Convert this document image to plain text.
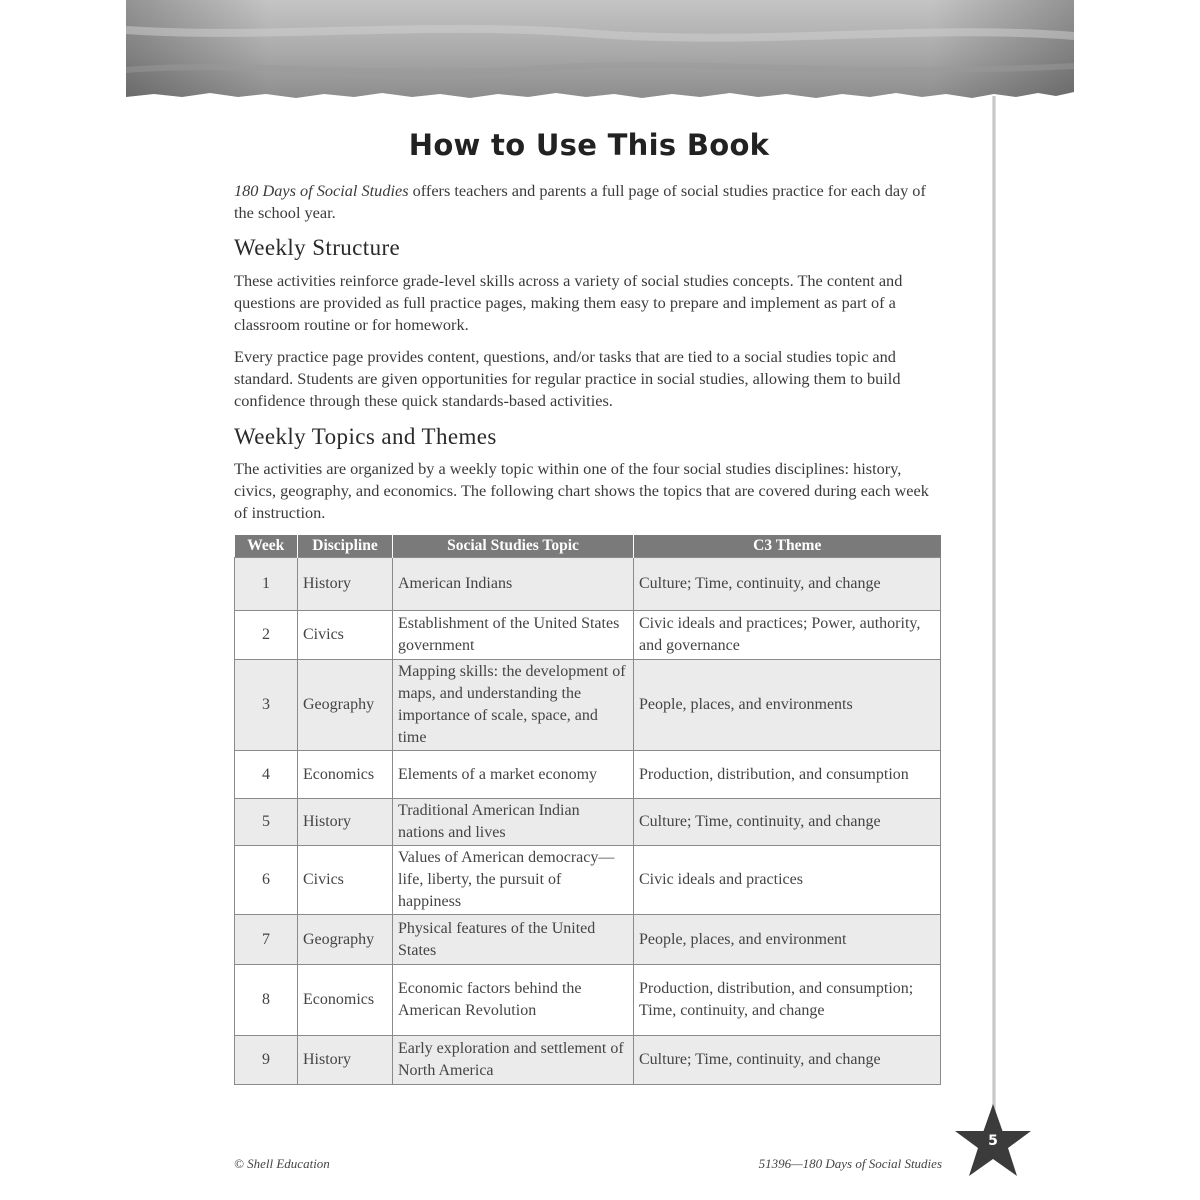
How to Use This Book

180 Days of Social Studies offers teachers and parents a full page of social studies practice for each day of the school year.

Weekly Structure

These activities reinforce grade-level skills across a variety of social studies concepts. The content and questions are provided as full practice pages, making them easy to prepare and implement as part of a classroom routine or for homework.

Every practice page provides content, questions, and/or tasks that are tied to a social studies topic and standard. Students are given opportunities for regular practice in social studies, allowing them to build confidence through these quick standards-based activities.

Weekly Topics and Themes

The activities are organized by a weekly topic within one of the four social studies disciplines: history, civics, geography, and economics. The following chart shows the topics that are covered during each week of instruction.

Week	Discipline	Social Studies Topic	C3 Theme
1	History	American Indians	Culture; Time, continuity, and change
2	Civics	Establishment of the United States government	Civic ideals and practices; Power, authority, and governance
3	Geography	Mapping skills: the development of maps, and understanding the importance of scale, space, and time	People, places, and environments
4	Economics	Elements of a market economy	Production, distribution, and consumption
5	History	Traditional American Indian nations and lives	Culture; Time, continuity, and change
6	Civics	Values of American democracy—life, liberty, the pursuit of happiness	Civic ideals and practices
7	Geography	Physical features of the United States	People, places, and environment
8	Economics	Economic factors behind the American Revolution	Production, distribution, and consumption; Time, continuity, and change
9	History	Early exploration and settlement of North America	Culture; Time, continuity, and change

© Shell Education	51396—180 Days of Social Studies

5
